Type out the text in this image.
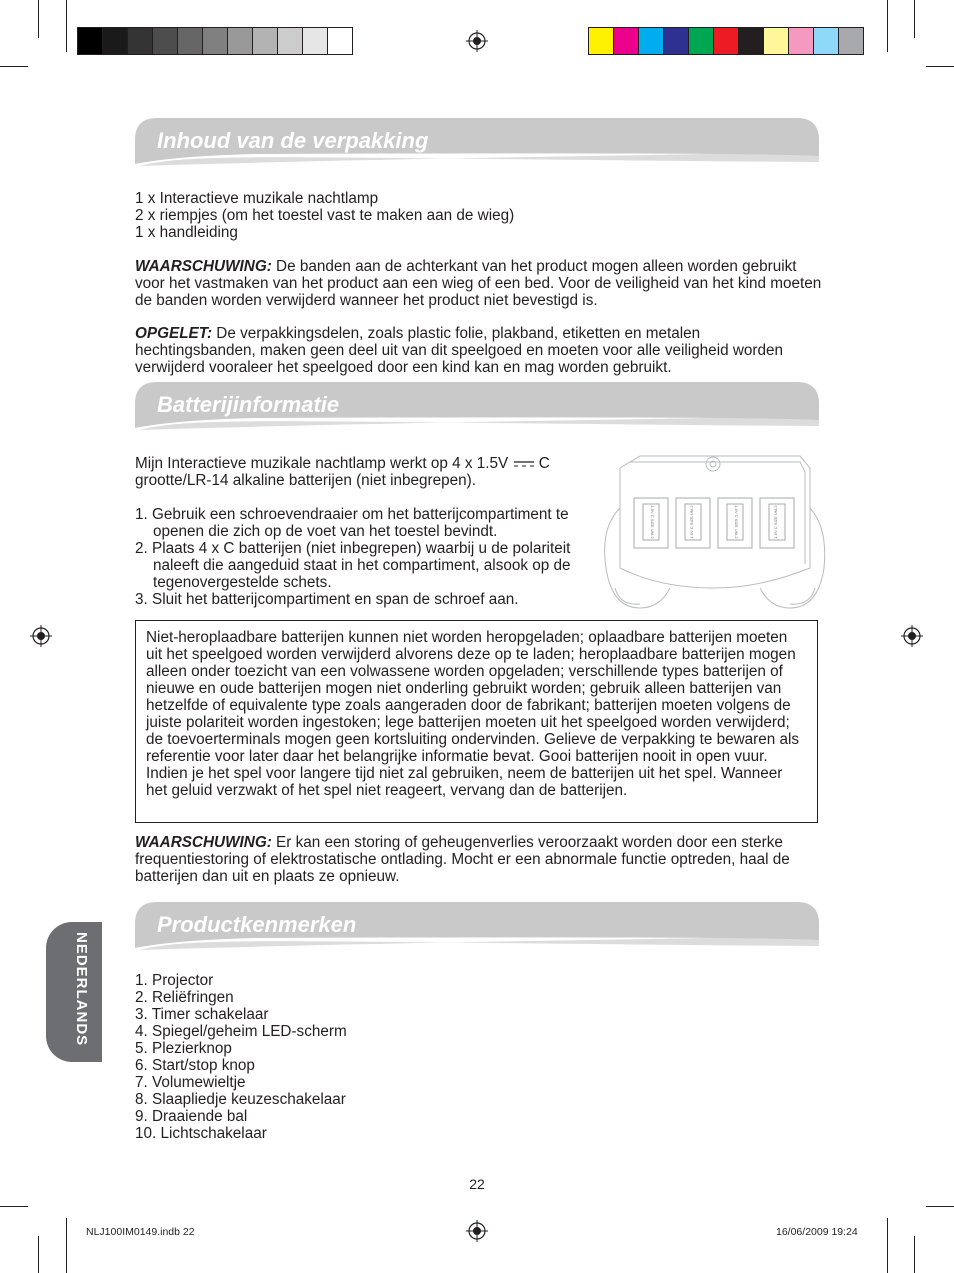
Inhoud van de verpakking

1 x Interactieve muzikale nachtlamp

2 x riempjes (om het toestel vast te maken aan de wieg)

1 x handleiding

WAARSCHUWING: De banden aan de achterkant van het product mogen alleen worden gebruikt voor het vastmaken van het product aan een wieg of een bed. Voor de veiligheid van het kind moeten de banden worden verwijderd wanneer het product niet bevestigd is.

OPGELET: De verpakkingsdelen, zoals plastic folie, plakband, etiketten en metalen hechtingsbanden, maken geen deel uit van dit speelgoed en moeten voor alle veiligheid worden verwijderd vooraleer het speelgoed door een kind kan en mag worden gebruikt.

Batterijinformatie

Mijn Interactieve muzikale nachtlamp werkt op 4 x 1.5V  C grootte/LR-14 alkaline batterijen (niet inbegrepen).

1. Gebruik een schroevendraaier om het batterijcompartiment te openen die zich op de voet van het toestel bevindt.
2. Plaats 4 x C batterijen (niet inbegrepen) waarbij u de polariteit naleeft die aangeduid staat in het compartiment, alsook op de tegenovergestelde schets.
3. Sluit het batterijcompartiment en span de schroef aan.
1.5V C SIZE UM-2	1.5V C SIZE UM-2	1.5V C SIZE UM-2	1.5V C SIZE UM-2
Niet-heroplaadbare batterijen kunnen niet worden heropgeladen; oplaadbare batterijen moeten uit het speelgoed worden verwijderd alvorens deze op te laden; heroplaadbare batterijen mogen alleen onder toezicht van een volwassene worden opgeladen; verschillende types batterijen of nieuwe en oude batterijen mogen niet onderling gebruikt worden; gebruik alleen batterijen van hetzelfde of equivalente type zoals aangeraden door de fabrikant; batterijen moeten volgens de juiste polariteit worden ingestoken; lege batterijen moeten uit het speelgoed worden verwijderd; de toevoerterminals mogen geen kortsluiting ondervinden. Gelieve de verpakking te bewaren als referentie voor later daar het belangrijke informatie bevat. Gooi batterijen nooit in open vuur. Indien je het spel voor langere tijd niet zal gebruiken, neem de batterijen uit het spel. Wanneer het geluid verzwakt of het spel niet reageert, vervang dan de batterijen.

WAARSCHUWING: Er kan een storing of geheugenverlies veroorzaakt worden door een sterke frequentiestoring of elektrostatische ontlading. Mocht er een abnormale functie optreden, haal de batterijen dan uit en plaats ze opnieuw.

Productkenmerken

1. Projector

2. Reliëfringen

3. Timer schakelaar

4. Spiegel/geheim LED-scherm

5. Plezierknop

6. Start/stop knop

7. Volumewieltje

8. Slaapliedje keuzeschakelaar

9. Draaiende bal

10. Lichtschakelaar

NEDERLANDS
22
NLJ100IM0149.indb 22	16/06/2009 19:24
